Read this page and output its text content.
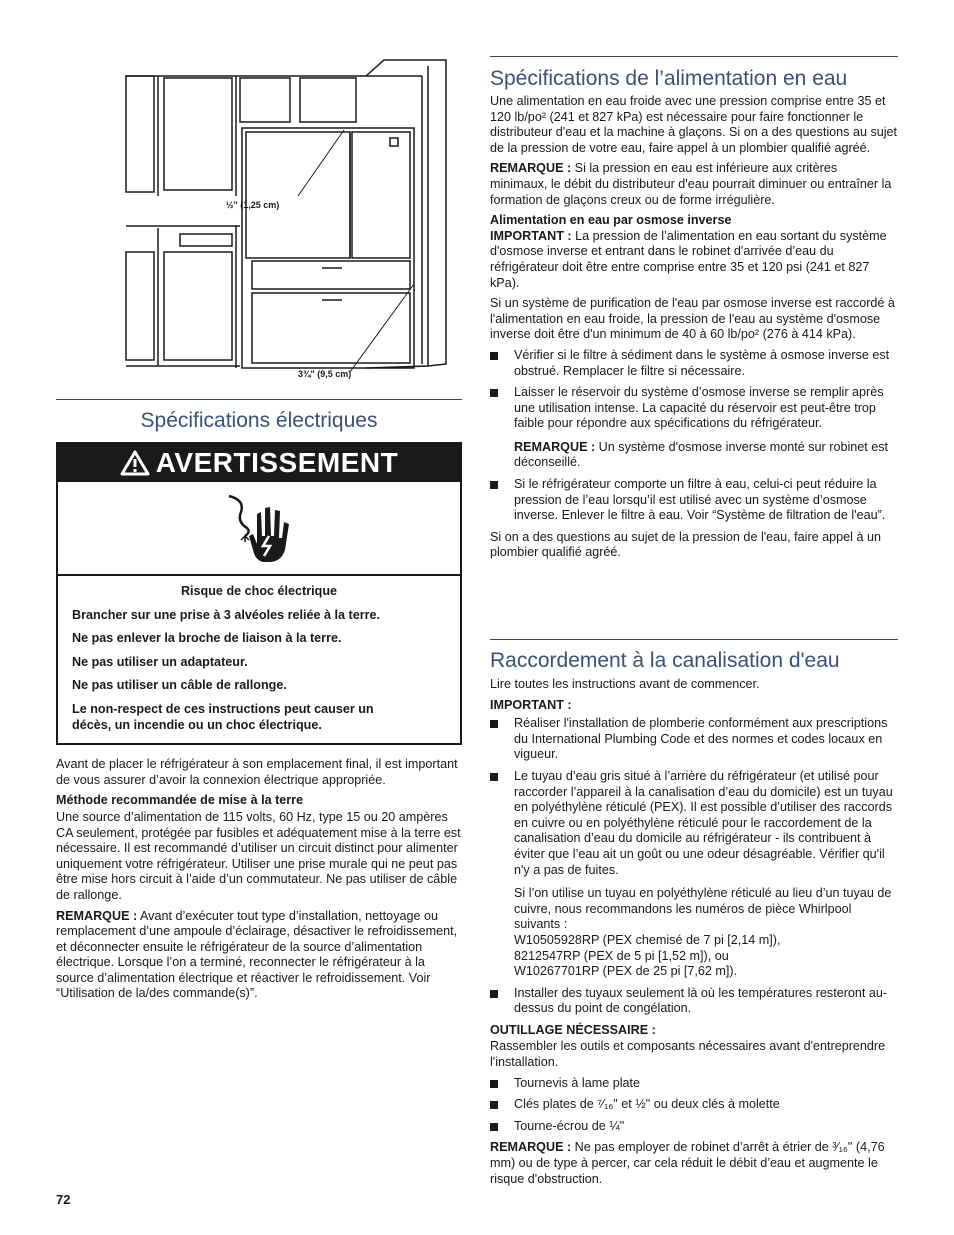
½" (1,25 cm)
3¾" (9,5 cm)
Spécifications électriques
AVERTISSEMENT

Risque de choc électrique

Brancher sur une prise à 3 alvéoles reliée à la terre.

Ne pas enlever la broche de liaison à la terre.

Ne pas utiliser un adaptateur.

Ne pas utiliser un câble de rallonge.

Le non-respect de ces instructions peut causer un décès, un incendie ou un choc électrique.

Avant de placer le réfrigérateur à son emplacement final, il est important de vous assurer d’avoir la connexion électrique appropriée.

Méthode recommandée de mise à la terre

Une source d’alimentation de 115 volts, 60 Hz, type 15 ou 20 ampères CA seulement, protégée par fusibles et adéquatement mise à la terre est nécessaire. Il est recommandé d’utiliser un circuit distinct pour alimenter uniquement votre réfrigérateur. Utiliser une prise murale qui ne peut pas être mise hors circuit à l’aide d’un commutateur. Ne pas utiliser de câble de rallonge.

REMARQUE : Avant d’exécuter tout type d’installation, nettoyage ou remplacement d’une ampoule d’éclairage, désactiver le refroidissement, et déconnecter ensuite le réfrigérateur de la source d’alimentation électrique. Lorsque l’on a terminé, reconnecter le réfrigérateur à la source d’alimentation électrique et réactiver le refroidissement. Voir “Utilisation de la/des commande(s)”.

72
Spécifications de l’alimentation en eau

Une alimentation en eau froide avec une pression comprise entre 35 et 120 lb/po² (241 et 827 kPa) est nécessaire pour faire fonctionner le distributeur d'eau et la machine à glaçons. Si on a des questions au sujet de la pression de votre eau, faire appel à un plombier qualifié agréé.

REMARQUE : Si la pression en eau est inférieure aux critères minimaux, le débit du distributeur d'eau pourrait diminuer ou entraîner la formation de glaçons creux ou de forme irrégulière.

Alimentation en eau par osmose inverse

IMPORTANT : La pression de l’alimentation en eau sortant du système d'osmose inverse et entrant dans le robinet d'arrivée d’eau du réfrigérateur doit être entre comprise entre 35 et 120 psi (241 et 827 kPa).

Si un système de purification de l'eau par osmose inverse est raccordé à l'alimentation en eau froide, la pression de l'eau au système d'osmose inverse doit être d'un minimum de 40 à 60 lb/po² (276 à 414 kPa).

Vérifier si le filtre à sédiment dans le système à osmose inverse est obstrué. Remplacer le filtre si nécessaire.

Laisser le réservoir du système d’osmose inverse se remplir après une utilisation intense. La capacité du réservoir est peut-être trop faible pour répondre aux spécifications du réfrigérateur.

REMARQUE : Un système d'osmose inverse monté sur robinet est déconseillé.

Si le réfrigérateur comporte un filtre à eau, celui-ci peut réduire la pression de l’eau lorsqu’il est utilisé avec un système d’osmose inverse. Enlever le filtre à eau. Voir “Système de filtration de l'eau”.

Si on a des questions au sujet de la pression de l'eau, faire appel à un plombier qualifié agréé.

Raccordement à la canalisation d'eau

Lire toutes les instructions avant de commencer.

IMPORTANT :

Réaliser l'installation de plomberie conformément aux prescriptions du International Plumbing Code et des normes et codes locaux en vigueur.

Le tuyau d’eau gris situé à l’arrière du réfrigérateur (et utilisé pour raccorder l’appareil à la canalisation d’eau du domicile) est un tuyau en polyéthylène réticulé (PEX). Il est possible d’utiliser des raccords en cuivre ou en polyéthylène réticulé pour le raccordement de la canalisation d’eau du domicile au réfrigérateur - ils contribuent à éviter que l’eau ait un goût ou une odeur désagréable. Vérifier qu'il n'y a pas de fuites.

Si l’on utilise un tuyau en polyéthylène réticulé au lieu d’un tuyau de cuivre, nous recommandons les numéros de pièce Whirlpool suivants :

W10505928RP (PEX chemisé de 7 pi [2,14 m]),

8212547RP (PEX de 5 pi [1,52 m]), ou

W10267701RP (PEX de 25 pi [7,62 m]).

Installer des tuyaux seulement là où les températures resteront au-dessus du point de congélation.

OUTILLAGE NÉCESSAIRE :

Rassembler les outils et composants nécessaires avant d'entreprendre l'installation.

Tournevis à lame plate

Clés plates de ⁷⁄₁₆" et ½" ou deux clés à molette

Tourne-écrou de ¼"

REMARQUE : Ne pas employer de robinet d’arrêt à étrier de ³⁄₁₆" (4,76 mm) ou de type à percer, car cela réduit le débit d’eau et augmente le risque d'obstruction.
